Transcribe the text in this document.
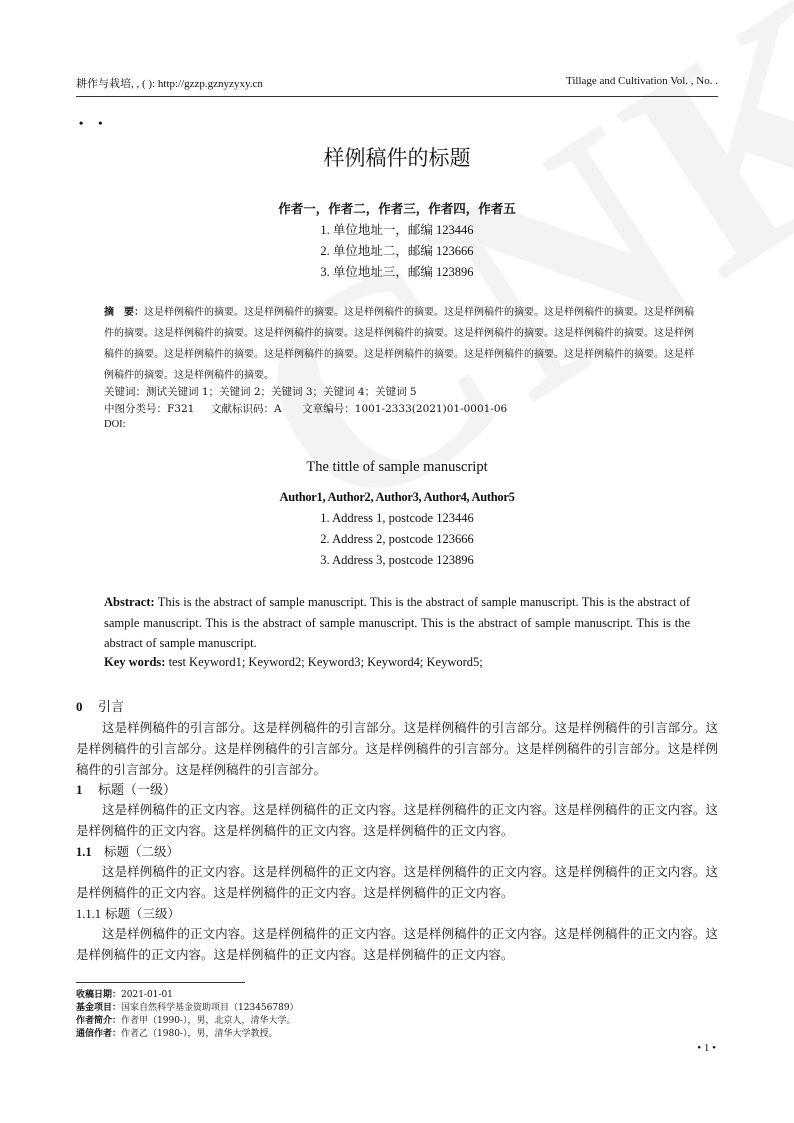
耕作与栽培, , ( ): http://gzzp.gznyzyxy.cn	Tillage and Cultivation Vol. , No. .
• •
样例稿件的标题
作者一，作者二，作者三，作者四，作者五
1. 单位地址一，邮编 123446
2. 单位地址二，邮编 123666
3. 单位地址三，邮编 123896
摘　要：这是样例稿件的摘要。这是样例稿件的摘要。这是样例稿件的摘要。这是样例稿件的摘要。这是样例稿件的摘要。这是样例稿件的摘要。这是样例稿件的摘要。这是样例稿件的摘要。这是样例稿件的摘要。这是样例稿件的摘要。这是样例稿件的摘要。这是样例稿件的摘要。这是样例稿件的摘要。这是样例稿件的摘要。这是样例稿件的摘要。这是样例稿件的摘要。这是样例稿件的摘要。这是样例稿件的摘要。这是样例稿件的摘要。
关键词：测试关键词 1；关键词 2；关键词 3；关键词 4；关键词 5
中图分类号：F321 文献标识码：A 文章编号：1001-2333(2021)01-0001-06
DOI:
The tittle of sample manuscript
Author1, Author2, Author3, Author4, Author5
1. Address 1, postcode 123446
2. Address 2, postcode 123666
3. Address 3, postcode 123896
Abstract: This is the abstract of sample manuscript. This is the abstract of sample manuscript. This is the abstract of sample manuscript. This is the abstract of sample manuscript. This is the abstract of sample manuscript. This is the abstract of sample manuscript.
Key words: test Keyword1; Keyword2; Keyword3; Keyword4; Keyword5;
0 引言
这是样例稿件的引言部分。这是样例稿件的引言部分。这是样例稿件的引言部分。这是样例稿件的引言部分。这是样例稿件的引言部分。这是样例稿件的引言部分。这是样例稿件的引言部分。这是样例稿件的引言部分。这是样例稿件的引言部分。这是样例稿件的引言部分。
1 标题（一级）
这是样例稿件的正文内容。这是样例稿件的正文内容。这是样例稿件的正文内容。这是样例稿件的正文内容。这是样例稿件的正文内容。这是样例稿件的正文内容。这是样例稿件的正文内容。
1.1 标题（二级）
这是样例稿件的正文内容。这是样例稿件的正文内容。这是样例稿件的正文内容。这是样例稿件的正文内容。这是样例稿件的正文内容。这是样例稿件的正文内容。这是样例稿件的正文内容。
1.1.1 标题（三级）
这是样例稿件的正文内容。这是样例稿件的正文内容。这是样例稿件的正文内容。这是样例稿件的正文内容。这是样例稿件的正文内容。这是样例稿件的正文内容。这是样例稿件的正文内容。
收稿日期：2021-01-01
基金项目：国家自然科学基金资助项目（123456789）
作者简介：作者甲（1990-），男，北京人，清华大学。
通信作者：作者乙（1980-），男，清华大学教授。
• 1 •
